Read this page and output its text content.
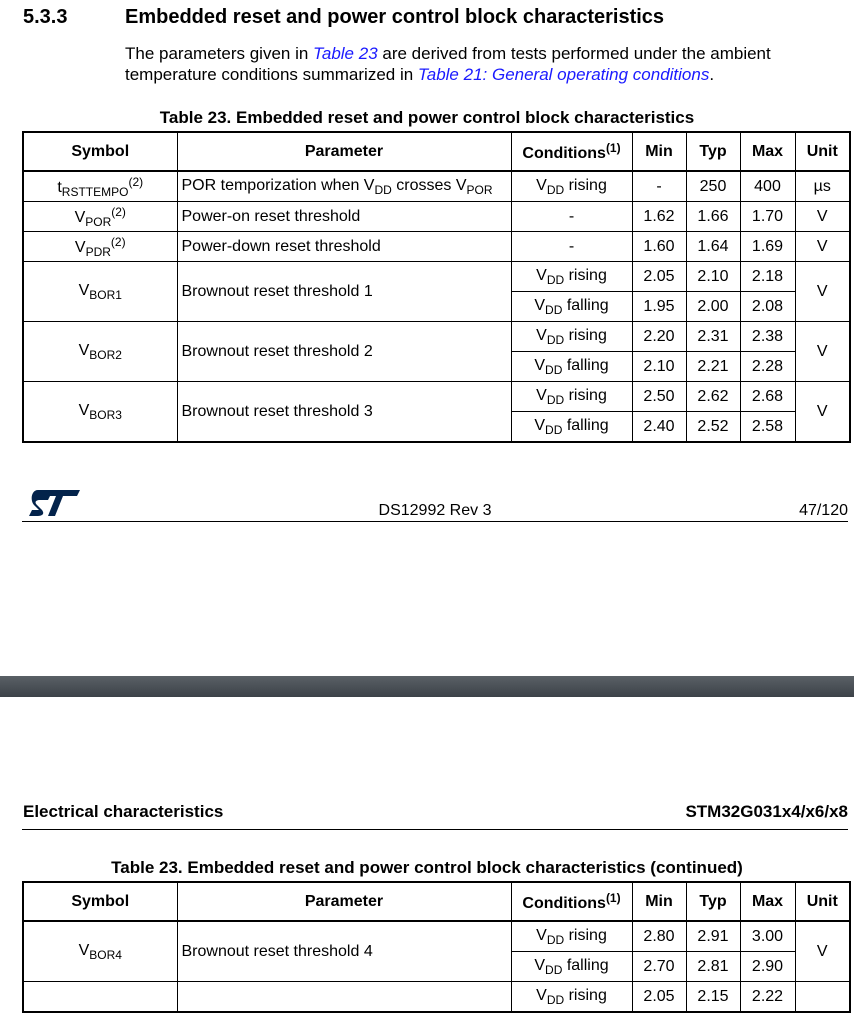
5.3.3	Embedded reset and power control block characteristics
The parameters given in Table 23 are derived from tests performed under the ambient temperature conditions summarized in Table 21: General operating conditions.
Table 23. Embedded reset and power control block characteristics
Symbol	Parameter	Conditions$^{(1)}$	Min	Typ	Max	Unit
$t_{RSTTEMPO}^{(2)}$	POR temporization when $V_{DD}$ crosses $V_{POR}$	$V_{DD}$ rising	-	250	400	µs
$V_{POR}^{(2)}$	Power-on reset threshold	-	1.62	1.66	1.70	V
$V_{PDR}^{(2)}$	Power-down reset threshold	-	1.60	1.64	1.69	V
$V_{BOR1}$	Brownout reset threshold 1	$V_{DD}$ rising	2.05	2.10	2.18	V
		$V_{DD}$ falling	1.95	2.00	2.08	
$V_{BOR2}$	Brownout reset threshold 2	$V_{DD}$ rising	2.20	2.31	2.38	V
		$V_{DD}$ falling	2.10	2.21	2.28	
$V_{BOR3}$	Brownout reset threshold 3	$V_{DD}$ rising	2.50	2.62	2.68	V
		$V_{DD}$ falling	2.40	2.52	2.58	
DS12992 Rev 3	47/120
Electrical characteristics	STM32G031x4/x6/x8
Table 23. Embedded reset and power control block characteristics (continued)
Symbol	Parameter	Conditions$^{(1)}$	Min	Typ	Max	Unit
$V_{BOR4}$	Brownout reset threshold 4	$V_{DD}$ rising	2.80	2.91	3.00	V
		$V_{DD}$ falling	2.70	2.81	2.90	
		$V_{DD}$ rising	2.05	2.15	2.22	
